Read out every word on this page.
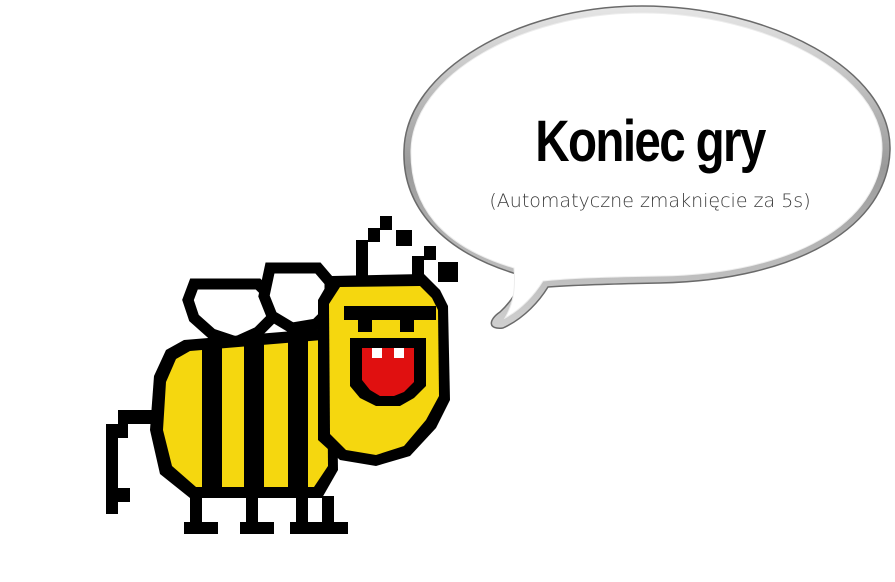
Koniec gry
(Automatyczne zmaknięcie za 5s)
